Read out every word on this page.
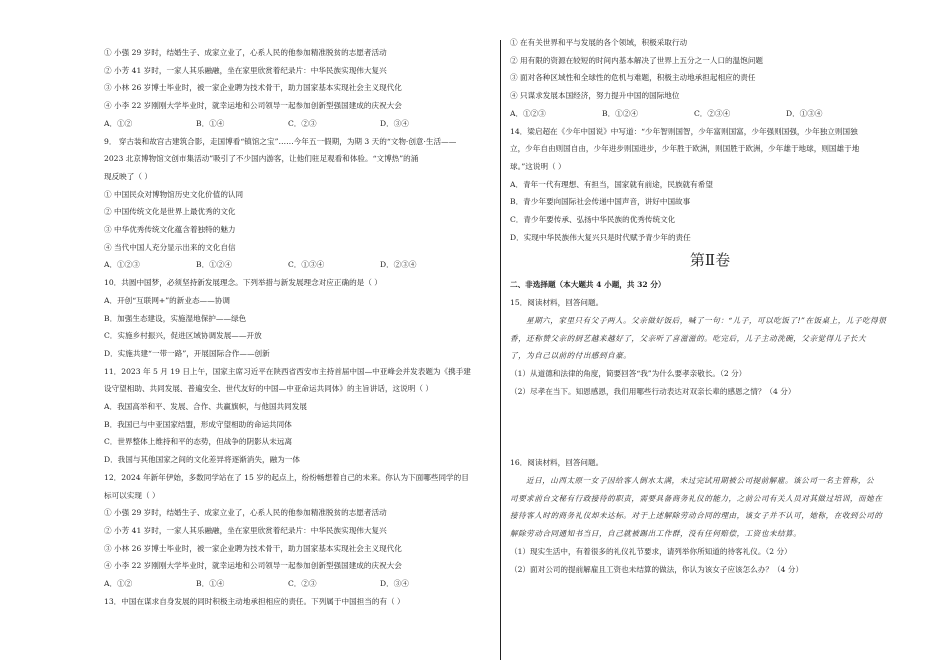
① 小强 29 岁时，结婚生子、成家立业了，心系人民的他参加精准脱贫的志愿者活动
② 小芳 41 岁时，一家人其乐融融，坐在家里欣赏着纪录片：中华民族实现伟大复兴
③ 小林 26 岁博士毕业时，被一家企业聘为技术骨干，助力国家基本实现社会主义现代化
④ 小李 22 岁刚刚大学毕业时，就幸运地和公司领导一起参加创新型强国建成的庆祝大会
A．①②	B．①④	C．②③	D．③④
9． 穿古装和故宫古建筑合影，走国博看“镇馆之宝”……今年五一假期，为期 3 天的“文物·创意·生活——
2023 北京博物馆文创市集活动”吸引了不少国内游客，让他们驻足观看和体验。“文博热”的涌
现反映了（ ）
① 中国民众对博物馆历史文化价值的认同
② 中国传统文化是世界上最优秀的文化
③ 中华优秀传统文化蕴含着独特的魅力
④ 当代中国人充分显示出来的文化自信
A．①②③	B．①②④	C．①③④	D．②③④
10．共圆中国梦，必须坚持新发展理念。下列举措与新发展理念对应正确的是（ ）
A．开创“互联网+”的新业态——协调
B．加强生态建设，实施湿地保护——绿色
C．实施乡村振兴，促进区域协调发展——开放
D．实施共建“一带一路”，开展国际合作——创新
11．2023 年 5 月 19 日上午，国家主席习近平在陕西省西安市主持首届中国—中亚峰会并发表题为《携手建
设守望相助、共同发展、普遍安全、世代友好的中国—中亚命运共同体》的主旨讲话，这说明（ ）
A．我国高举和平、发展、合作、共赢旗帜，与他国共同发展
B．我国已与中亚国家结盟，形成守望相助的命运共同体
C．世界整体上维持和平的态势，但战争的阴影从未远离
D．我国与其他国家之间的文化差异将逐渐消失，融为一体
12．2024 年新年伊始，多数同学站在了 15 岁的起点上，纷纷畅想着自己的未来。你认为下面哪些同学的目
标可以实现（ ）
① 小强 29 岁时，结婚生子、成家立业了，心系人民的他参加精准脱贫的志愿者活动
② 小芳 41 岁时，一家人其乐融融，坐在家里欣赏着纪录片：中华民族实现伟大复兴
③ 小林 26 岁博士毕业时，被一家企业聘为技术骨干，助力国家基本实现社会主义现代化
④ 小李 22 岁刚刚大学毕业时，就幸运地和公司领导一起参加创新型强国建成的庆祝大会
A．①②	B．①④	C．②③	D．③④
13．中国在谋求自身发展的同时积极主动地承担相应的责任。下列属于中国担当的有（ ）
① 在有关世界和平与发展的各个领域，积极采取行动
② 用有限的资源在较短的时间内基本解决了世界上五分之一人口的温饱问题
③ 面对各种区域性和全球性的危机与难题，积极主动地承担起相应的责任
④ 只谋求发展本国经济，努力提升中国的国际地位
A．①②③	B．①②④	C．②③④	D．①③④
14．梁启超在《少年中国说》中写道：“少年智则国智，少年富则国富，少年强则国强，少年独立则国独
立，少年自由则国自由，少年进步则国进步，少年胜于欧洲，则国胜于欧洲，少年雄于地球，则国雄于地
球。”这说明（ ）
A．青年一代有理想、有担当，国家就有前途，民族就有希望
B．青少年要向国际社会传递中国声音，讲好中国故事
C．青少年要传承、弘扬中华民族的优秀传统文化
D．实现中华民族伟大复兴只是时代赋予青少年的责任
第Ⅱ卷
二、非选择题（本大题共 4 小题，共 32 分）
15．阅读材料，回答问题。
星期六，家里只有父子两人。父亲做好饭后，喊了一句：“儿子，可以吃饭了!”在饭桌上，儿子吃得很
香，还称赞父亲的厨艺越来越好了，父亲听了喜滋滋的。吃完后，儿子主动洗碗，父亲觉得儿子长大
了，为自己以前的付出感到自豪。
（1）从道德和法律的角度，简要回答“我”为什么要孝亲敬长。（2 分）
（2）尽孝在当下。知恩感恩，我们用哪些行动表达对双亲长辈的感恩之情？（4 分）
16．阅读材料，回答问题。
近日，山西太原一女子因给客人倒水太满，未过完试用期被公司提前解雇。该公司一名主管称，公
司要求前台文秘有行政接待的职责，需要具备商务礼仪的能力，之前公司有关人员对其做过培训，而她在
接待客人时的商务礼仪却未达标。对于上述解除劳动合同的理由，该女子并不认可，她称，在收到公司的
解除劳动合同通知书当日，自己就被踢出工作群，没有任何赔偿，工资也未结算。
（1）现实生活中，有着很多的礼仪礼节要求，请列举你所知道的待客礼仪。（2 分）
（2）面对公司的提前解雇且工资也未结算的做法，你认为该女子应该怎么办？（4 分）
